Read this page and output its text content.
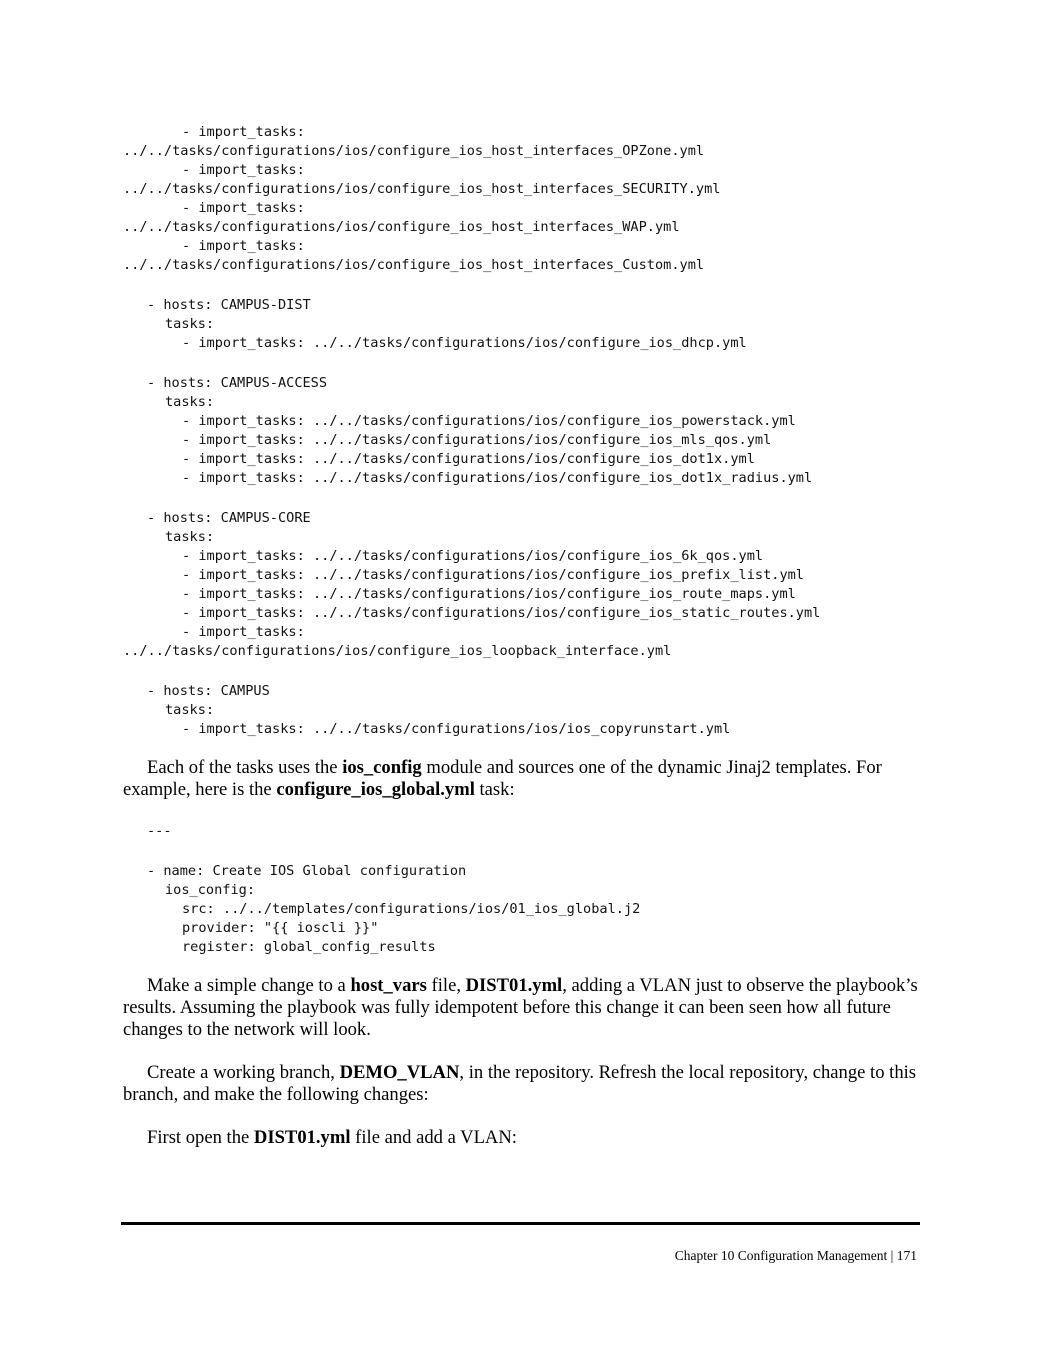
- import_tasks:
../../tasks/configurations/ios/configure_ios_host_interfaces_OPZone.yml
- import_tasks:
../../tasks/configurations/ios/configure_ios_host_interfaces_SECURITY.yml
- import_tasks:
../../tasks/configurations/ios/configure_ios_host_interfaces_WAP.yml
- import_tasks:
../../tasks/configurations/ios/configure_ios_host_interfaces_Custom.yml
- hosts: CAMPUS-DIST
tasks:
- import_tasks: ../../tasks/configurations/ios/configure_ios_dhcp.yml
- hosts: CAMPUS-ACCESS
tasks:
- import_tasks: ../../tasks/configurations/ios/configure_ios_powerstack.yml
- import_tasks: ../../tasks/configurations/ios/configure_ios_mls_qos.yml
- import_tasks: ../../tasks/configurations/ios/configure_ios_dot1x.yml
- import_tasks: ../../tasks/configurations/ios/configure_ios_dot1x_radius.yml
- hosts: CAMPUS-CORE
tasks:
- import_tasks: ../../tasks/configurations/ios/configure_ios_6k_qos.yml
- import_tasks: ../../tasks/configurations/ios/configure_ios_prefix_list.yml
- import_tasks: ../../tasks/configurations/ios/configure_ios_route_maps.yml
- import_tasks: ../../tasks/configurations/ios/configure_ios_static_routes.yml
- import_tasks:
../../tasks/configurations/ios/configure_ios_loopback_interface.yml
- hosts: CAMPUS
tasks:
- import_tasks: ../../tasks/configurations/ios/ios_copyrunstart.yml

Each of the tasks uses the ios_config module and sources one of the dynamic Jinaj2 templates. For example, here is the configure_ios_global.yml task:

---
- name: Create IOS Global configuration
ios_config:
src: ../../templates/configurations/ios/01_ios_global.j2
provider: "{{ ioscli }}"
register: global_config_results

Make a simple change to a host_vars file, DIST01.yml, adding a VLAN just to observe the playbook’s results. Assuming the playbook was fully idempotent before this change it can been seen how all future changes to the network will look.

Create a working branch, DEMO_VLAN, in the repository. Refresh the local repository, change to this branch, and make the following changes:

First open the DIST01.yml file and add a VLAN:

Chapter 10 Configuration Management | 171
